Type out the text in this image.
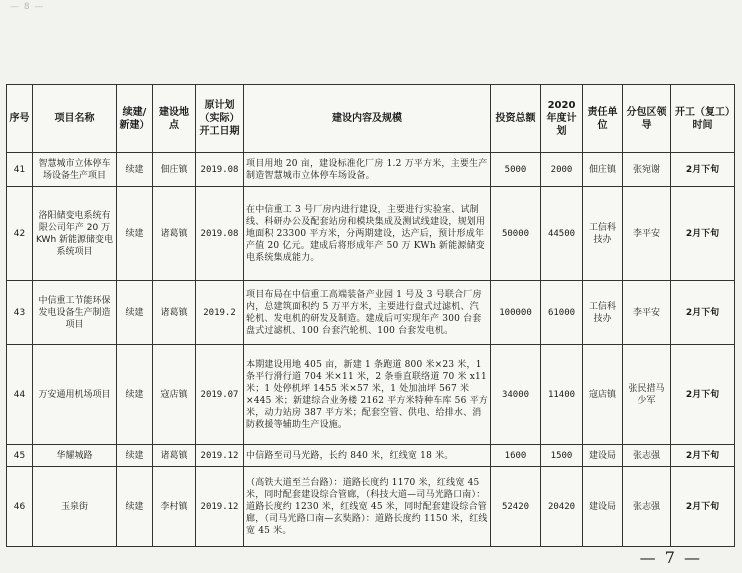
— 8 —
序号	项目名称	续建/新建）	建设地点	原计划（实际）开工日期	建设内容及规模	投资总额	2020 年度计划	责任单位	分包区领导	开工（复工）时间
41	智慧城市立体停车场设备生产项目	续建	佃庄镇	2019.08	项目用地 20 亩，建设标准化厂房 1.2 万平方米，主要生产制造智慧城市立体停车场设备。	5000	2000	佃庄镇	张宛谢	2月下旬
42	洛阳储变电系统有限公司年产 20 万 KWh 新能源储变电系统项目	续建	诸葛镇	2019.08	在中信重工 3 号厂房内进行建设，主要进行实验室、试制线、科研办公及配套站房和模块集成及测试线建设，规划用地面积 23300 平方米，分两期建设，达产后，预计形成年产值 20 亿元。建成后将形成年产 50 万 KWh 新能源储变电系统集成能力。	50000	44500	工信科技办	李平安	2月下旬
43	中信重工节能环保发电设备生产制造项目	续建	诸葛镇	2019.2	项目布局在中信重工高端装备产业园 1 号及 3 号联合厂房内，总建筑面积约 5 万平方米，主要进行盘式过滤机、汽轮机、发电机的研发及制造。建成后可实现年产 300 台套盘式过滤机、100 台套汽轮机、100 台套发电机。	100000	61000	工信科技办	李平安	2月下旬
44	万安通用机场项目	续建	寇店镇	2019.07	本期建设用地 405 亩，新建 1 条跑道 800 米×23 米，1 条平行滑行道 704 米×11 米，2 条垂直联络道 70 米 x11 米；1 处停机坪 1455 米×57 米，1 处加油坪 567 米×445 米；新建综合业务楼 2162 平方米特种车库 56 平方米，动力站房 387 平方米；配套空管、供电、给排水、消防救援等辅助生产设施。	34000	11400	寇店镇	张民措马少军	2月下旬
45	华耀城路	续建	诸葛镇	2019.12	中信路至司马光路，长约 840 米，红线宽 18 米。	1600	1500	建设局	张志强	2月下旬
46	玉泉街	续建	李村镇	2019.12	（高铁大道至兰台路）：道路长度约 1170 米，红线宽 45 米，同时配套建设综合管廊，（科技大道—司马光路口南）：道路长度约 1230 米，红线宽 45 米，同时配套建设综合管廊，（司马光路口南—玄奘路）：道路长度约 1150 米，红线宽 45 米。	52420	20420	建设局	张志强	2月下旬
— 7 —
